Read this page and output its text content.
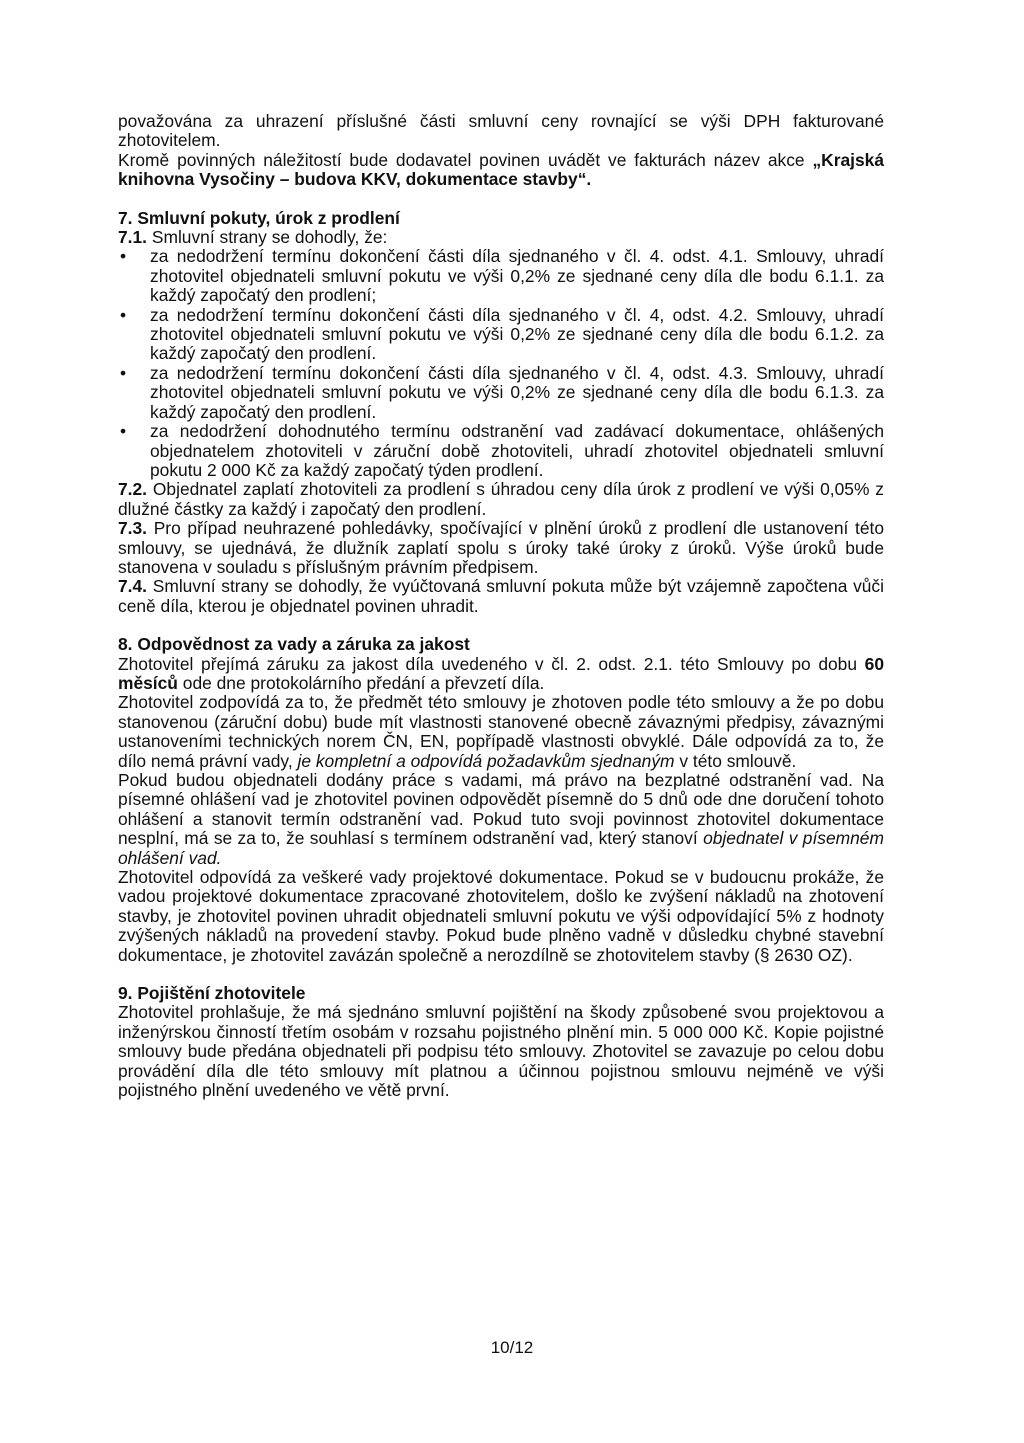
považována za uhrazení příslušné části smluvní ceny rovnající se výši DPH fakturované zhotovitelem.

Kromě povinných náležitostí bude dodavatel povinen uvádět ve fakturách název akce „Krajská knihovna Vysočiny – budova KKV, dokumentace stavby“.

7. Smluvní pokuty, úrok z prodlení

7.1. Smluvní strany se dohodly, že:

• za nedodržení termínu dokončení části díla sjednaného v čl. 4. odst. 4.1. Smlouvy, uhradí zhotovitel objednateli smluvní pokutu ve výši 0,2% ze sjednané ceny díla dle bodu 6.1.1. za každý započatý den prodlení;
• za nedodržení termínu dokončení části díla sjednaného v čl. 4, odst. 4.2. Smlouvy, uhradí zhotovitel objednateli smluvní pokutu ve výši 0,2% ze sjednané ceny díla dle bodu 6.1.2. za každý započatý den prodlení.
• za nedodržení termínu dokončení části díla sjednaného v čl. 4, odst. 4.3. Smlouvy, uhradí zhotovitel objednateli smluvní pokutu ve výši 0,2% ze sjednané ceny díla dle bodu 6.1.3. za každý započatý den prodlení.
• za nedodržení dohodnutého termínu odstranění vad zadávací dokumentace, ohlášených objednatelem zhotoviteli v záruční době zhotoviteli, uhradí zhotovitel objednateli smluvní pokutu 2 000 Kč za každý započatý týden prodlení.

7.2. Objednatel zaplatí zhotoviteli za prodlení s úhradou ceny díla úrok z prodlení ve výši 0,05% z dlužné částky za každý i započatý den prodlení.

7.3. Pro případ neuhrazené pohledávky, spočívající v plnění úroků z prodlení dle ustanovení této smlouvy, se ujednává, že dlužník zaplatí spolu s úroky také úroky z úroků. Výše úroků bude stanovena v souladu s příslušným právním předpisem.

7.4. Smluvní strany se dohodly, že vyúčtovaná smluvní pokuta může být vzájemně započtena vůči ceně díla, kterou je objednatel povinen uhradit.

8. Odpovědnost za vady a záruka za jakost

Zhotovitel přejímá záruku za jakost díla uvedeného v čl. 2. odst. 2.1. této Smlouvy po dobu 60 měsíců ode dne protokolárního předání a převzetí díla.

Zhotovitel zodpovídá za to, že předmět této smlouvy je zhotoven podle této smlouvy a že po dobu stanovenou (záruční dobu) bude mít vlastnosti stanovené obecně závaznými předpisy, závaznými ustanoveními technických norem ČN, EN, popřípadě vlastnosti obvyklé. Dále odpovídá za to, že dílo nemá právní vady, je kompletní a odpovídá požadavkům sjednaným v této smlouvě.

Pokud budou objednateli dodány práce s vadami, má právo na bezplatné odstranění vad. Na písemné ohlášení vad je zhotovitel povinen odpovědět písemně do 5 dnů ode dne doručení tohoto ohlášení a stanovit termín odstranění vad. Pokud tuto svoji povinnost zhotovitel dokumentace nesplní, má se za to, že souhlasí s termínem odstranění vad, který stanoví objednatel v písemném ohlášení vad.

Zhotovitel odpovídá za veškeré vady projektové dokumentace. Pokud se v budoucnu prokáže, že vadou projektové dokumentace zpracované zhotovitelem, došlo ke zvýšení nákladů na zhotovení stavby, je zhotovitel povinen uhradit objednateli smluvní pokutu ve výši odpovídající 5% z hodnoty zvýšených nákladů na provedení stavby. Pokud bude plněno vadně v důsledku chybné stavební dokumentace, je zhotovitel zavázán společně a nerozdílně se zhotovitelem stavby (§ 2630 OZ).

9. Pojištění zhotovitele

Zhotovitel prohlašuje, že má sjednáno smluvní pojištění na škody způsobené svou projektovou a inženýrskou činností třetím osobám v rozsahu pojistného plnění min. 5 000 000 Kč. Kopie pojistné smlouvy bude předána objednateli při podpisu této smlouvy. Zhotovitel se zavazuje po celou dobu provádění díla dle této smlouvy mít platnou a účinnou pojistnou smlouvu nejméně ve výši pojistného plnění uvedeného ve větě první.

10/12
